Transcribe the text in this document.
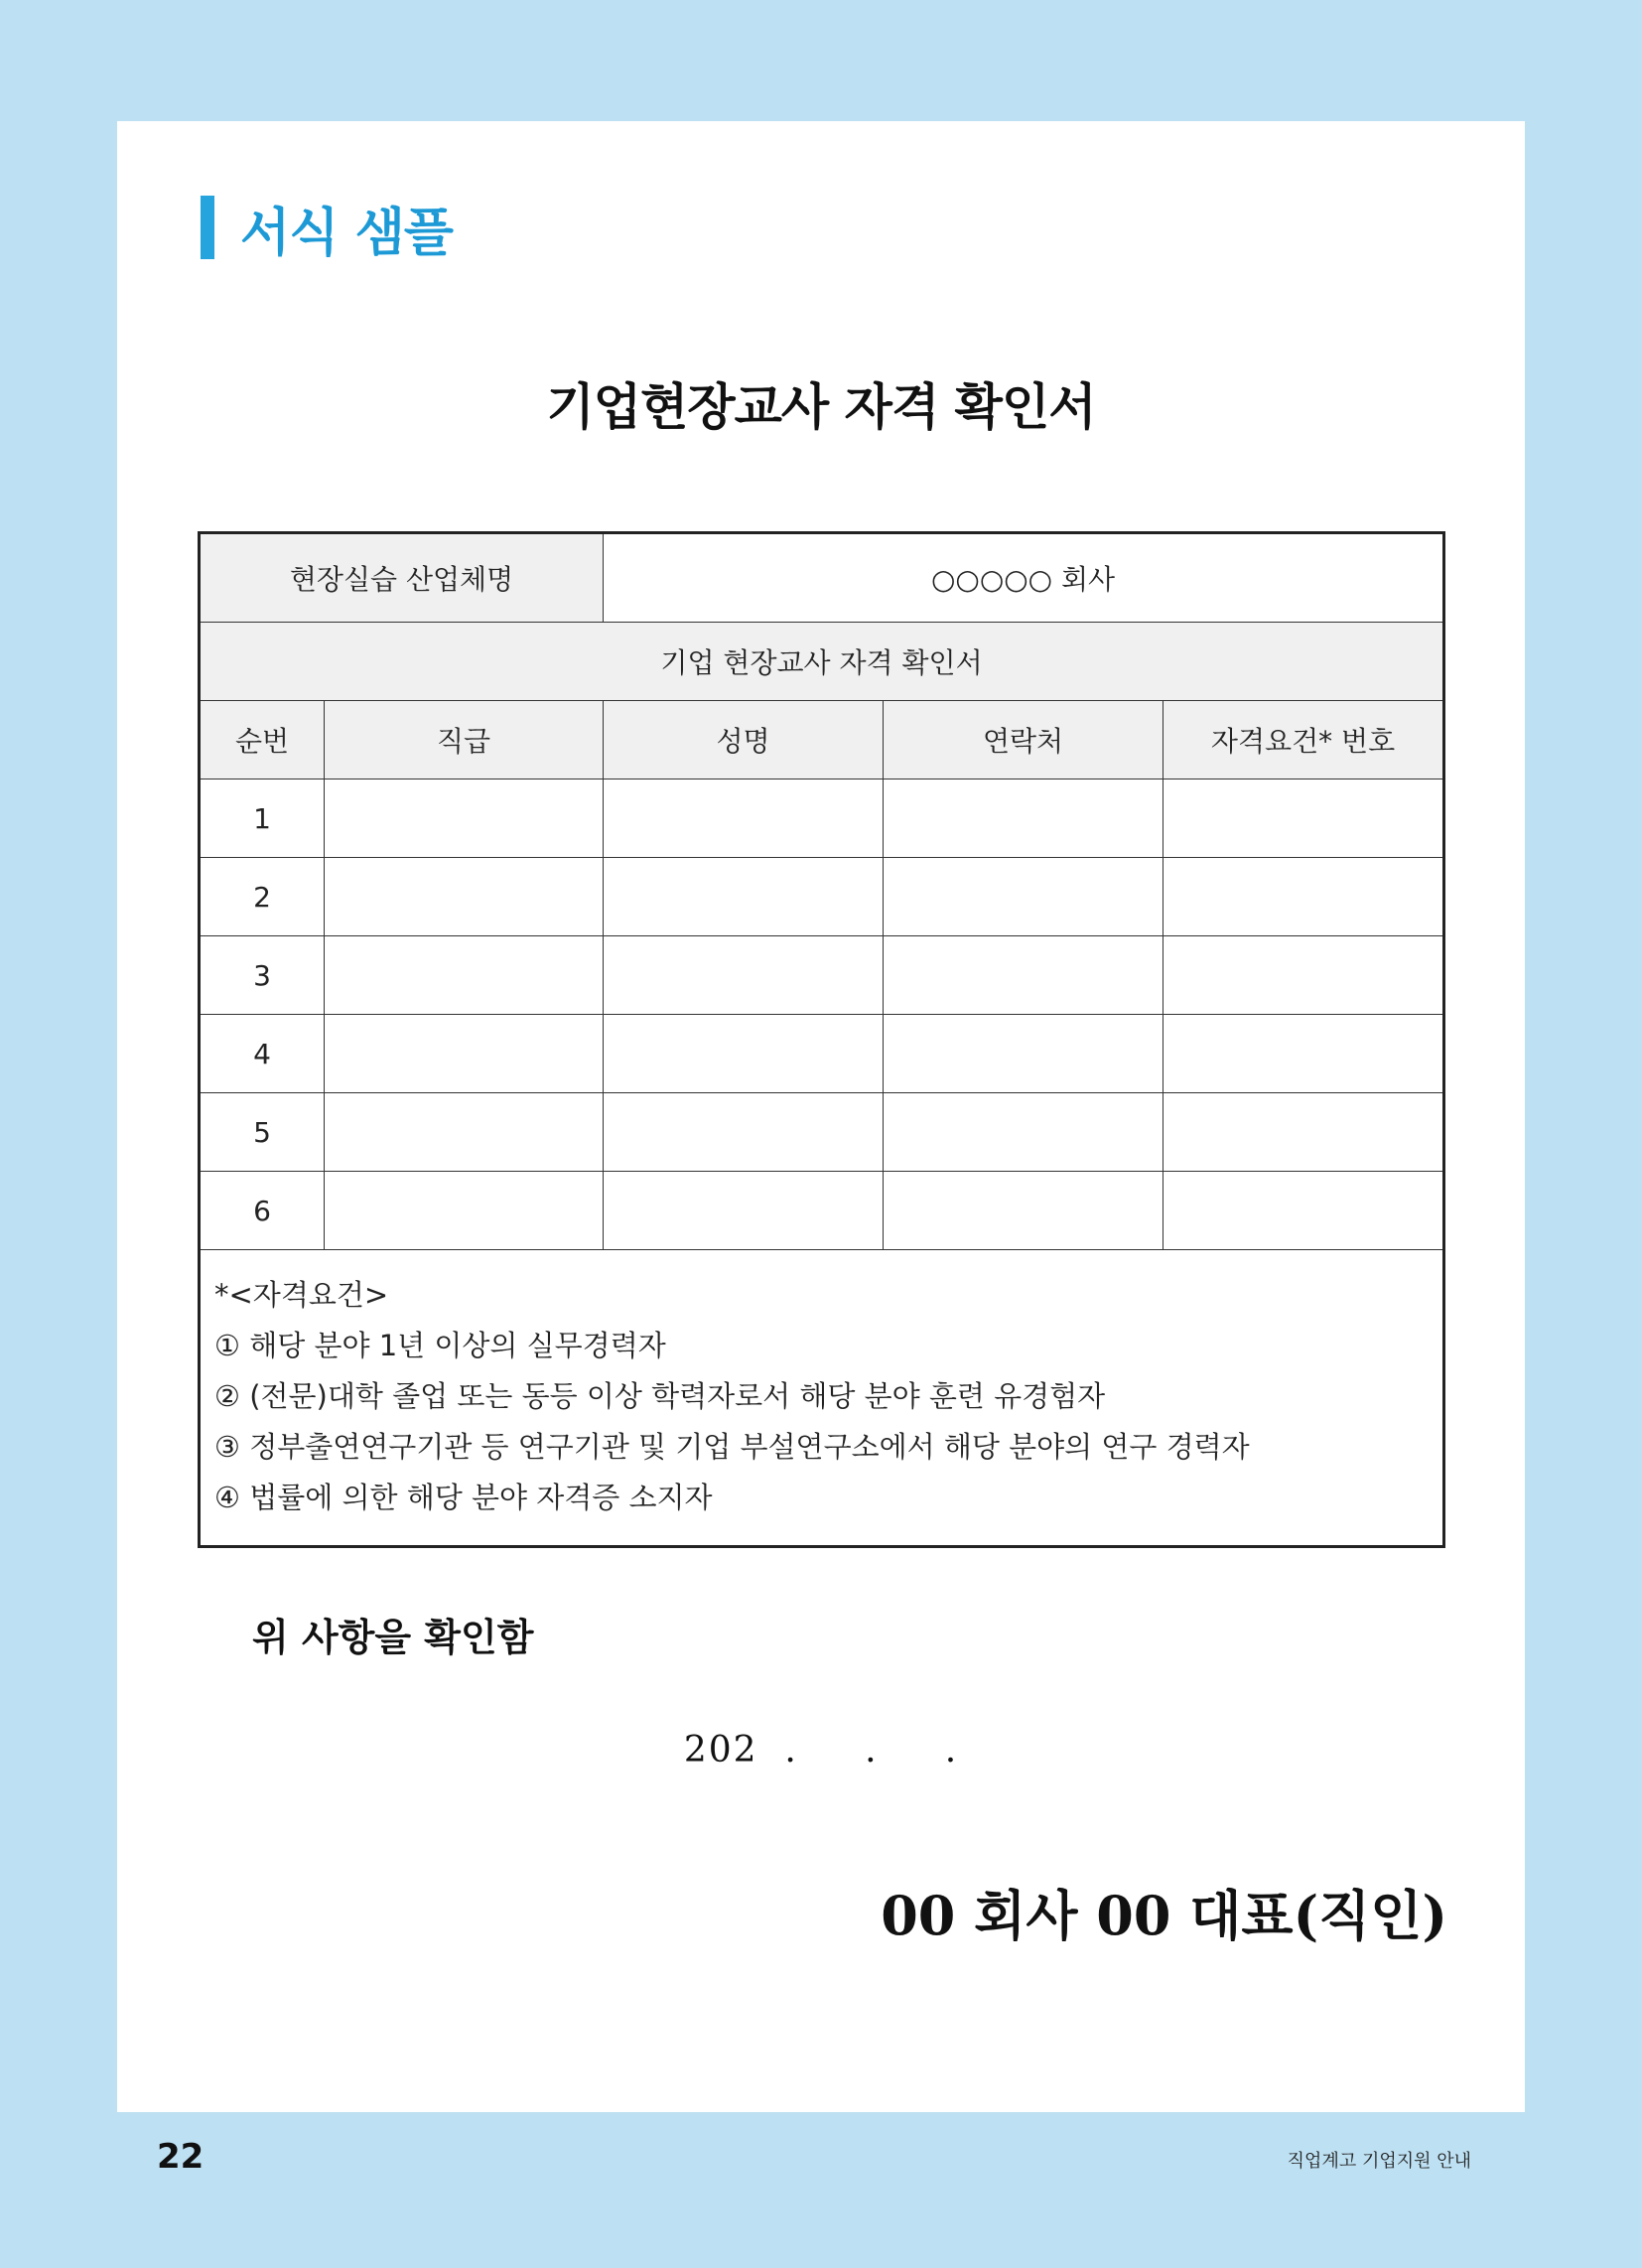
서식 샘플
기업현장교사 자격 확인서
현장실습 산업체명		○○○○○ 회사		
기업 현장교사 자격 확인서				
순번	직급	성명	연락처	자격요건* 번호
1				
2				
3				
4				
5				
6				

*<자격요건>
① 해당 분야 1년 이상의 실무경력자
② (전문)대학 졸업 또는 동등 이상 학력자로서 해당 분야 훈련 유경험자
③ 정부출연연구기관 등 연구기관 및 기업 부설연구소에서 해당 분야의 연구 경력자
④ 법률에 의한 해당 분야 자격증 소지자				
위 사항을 확인함
202  .     .     .
00 회사 00 대표(직인)
22	직업계고 기업지원 안내
